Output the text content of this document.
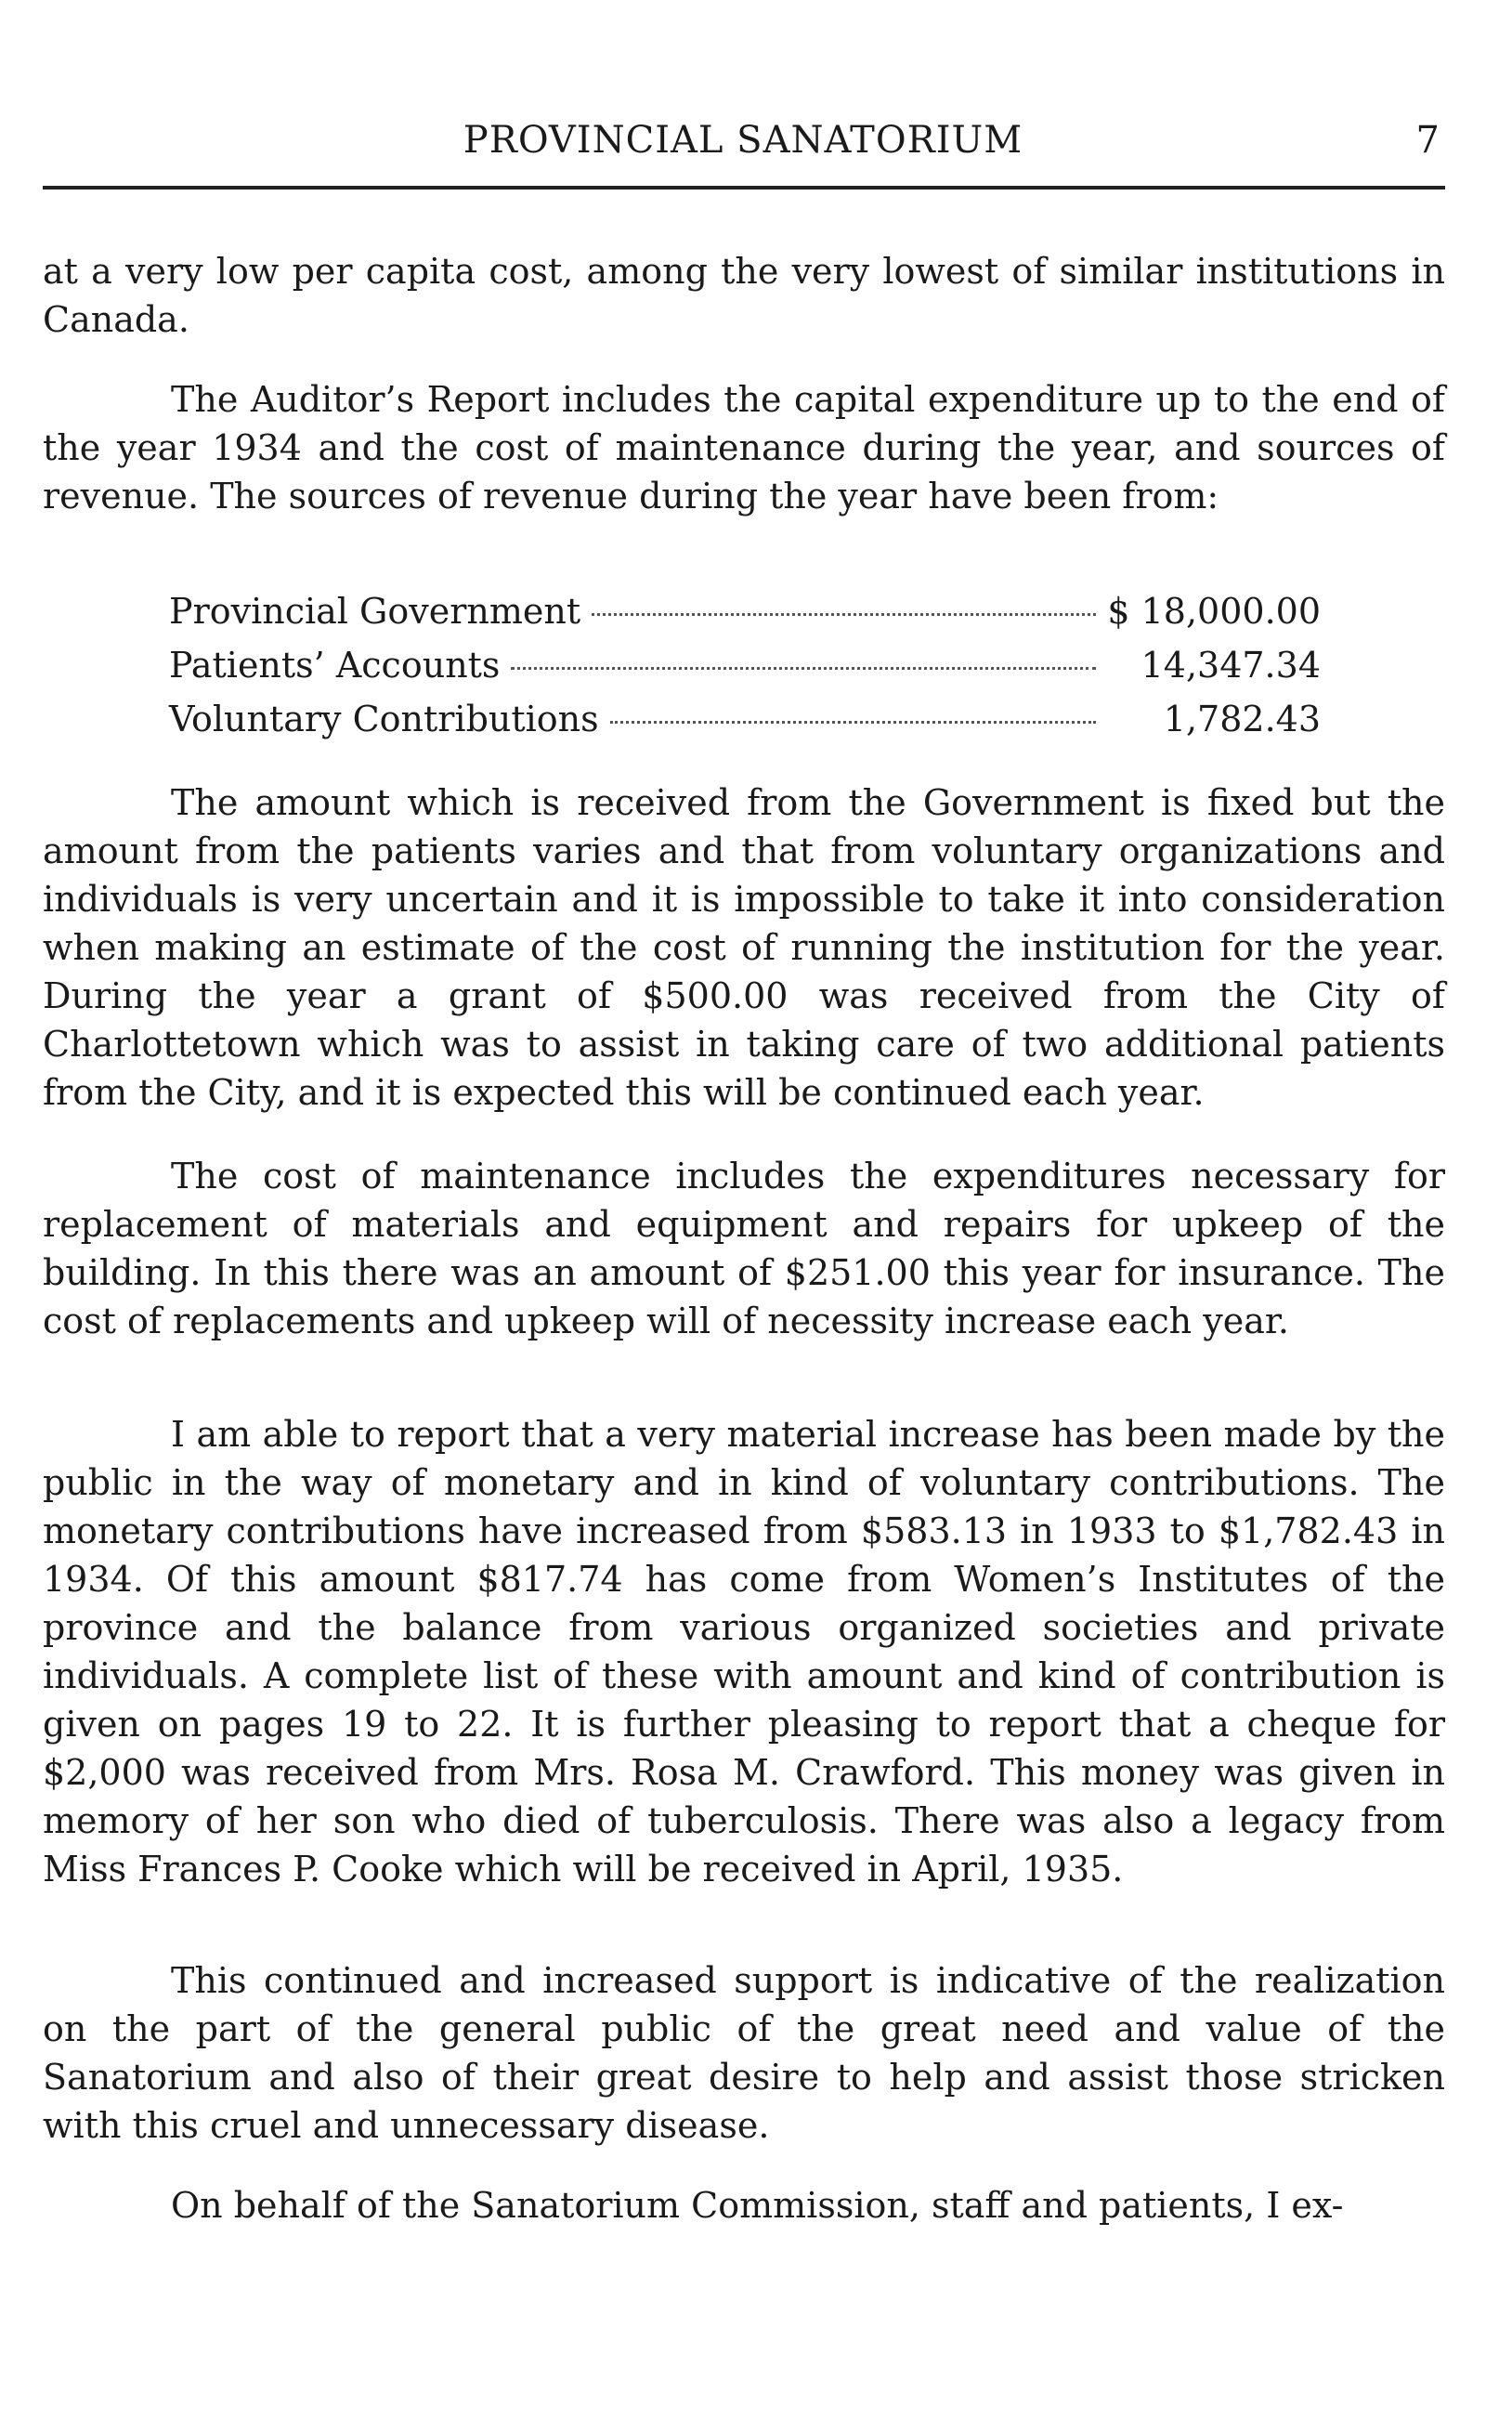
PROVINCIAL SANATORIUM	7

at a very low per capita cost, among the very lowest of similar institutions in Canada.

The Auditor’s Report includes the capital expenditure up to the end of the year 1934 and the cost of maintenance during the year, and sources of revenue. The sources of revenue during the year have been from:

Provincial Government	$ 18,000.00
Patients’ Accounts	14,347.34
Voluntary Contributions	1,782.43

The amount which is received from the Government is fixed but the amount from the patients varies and that from voluntary organizations and individuals is very uncertain and it is impossible to take it into consideration when making an estimate of the cost of running the institution for the year. During the year a grant of $500.00 was received from the City of Charlottetown which was to assist in taking care of two additional patients from the City, and it is expected this will be continued each year.

The cost of maintenance includes the expenditures necessary for replacement of materials and equipment and repairs for upkeep of the building. In this there was an amount of $251.00 this year for insurance. The cost of replacements and upkeep will of necessity increase each year.

I am able to report that a very material increase has been made by the public in the way of monetary and in kind of voluntary contributions. The monetary contributions have increased from $583.13 in 1933 to $1,782.43 in 1934. Of this amount $817.74 has come from Women’s Institutes of the province and the balance from various organized societies and private individuals. A complete list of these with amount and kind of contribution is given on pages 19 to 22. It is further pleasing to report that a cheque for $2,000 was received from Mrs. Rosa M. Crawford. This money was given in memory of her son who died of tuberculosis. There was also a legacy from Miss Frances P. Cooke which will be received in April, 1935.

This continued and increased support is indicative of the realization on the part of the general public of the great need and value of the Sanatorium and also of their great desire to help and assist those stricken with this cruel and unnecessary disease.

On behalf of the Sanatorium Commission, staff and patients, I ex-
